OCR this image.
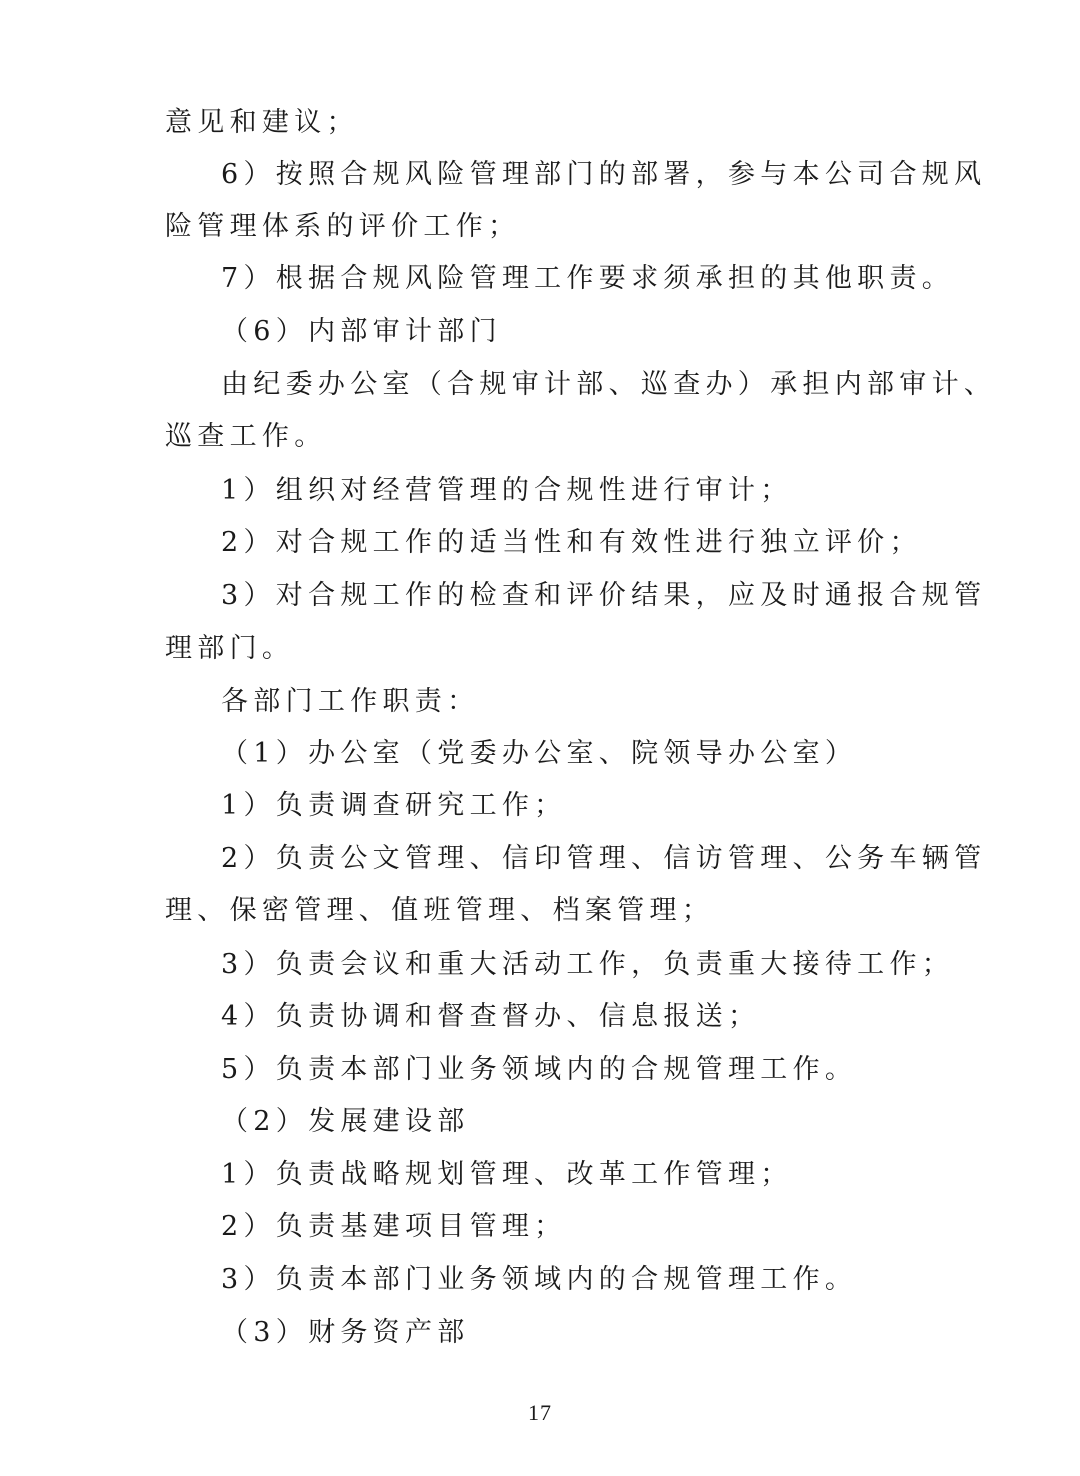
意见和建议；
6）按照合规风险管理部门的部署，参与本公司合规风
险管理体系的评价工作；
7）根据合规风险管理工作要求须承担的其他职责。
（6）内部审计部门
由纪委办公室（合规审计部、巡查办）承担内部审计、
巡查工作。
1）组织对经营管理的合规性进行审计；
2）对合规工作的适当性和有效性进行独立评价；
3）对合规工作的检查和评价结果，应及时通报合规管
理部门。
各部门工作职责：
（1）办公室（党委办公室、院领导办公室）
1）负责调查研究工作；
2）负责公文管理、信印管理、信访管理、公务车辆管
理、保密管理、值班管理、档案管理；
3）负责会议和重大活动工作，负责重大接待工作；
4）负责协调和督查督办、信息报送；
5）负责本部门业务领域内的合规管理工作。
（2）发展建设部
1）负责战略规划管理、改革工作管理；
2）负责基建项目管理；
3）负责本部门业务领域内的合规管理工作。
（3）财务资产部
17
